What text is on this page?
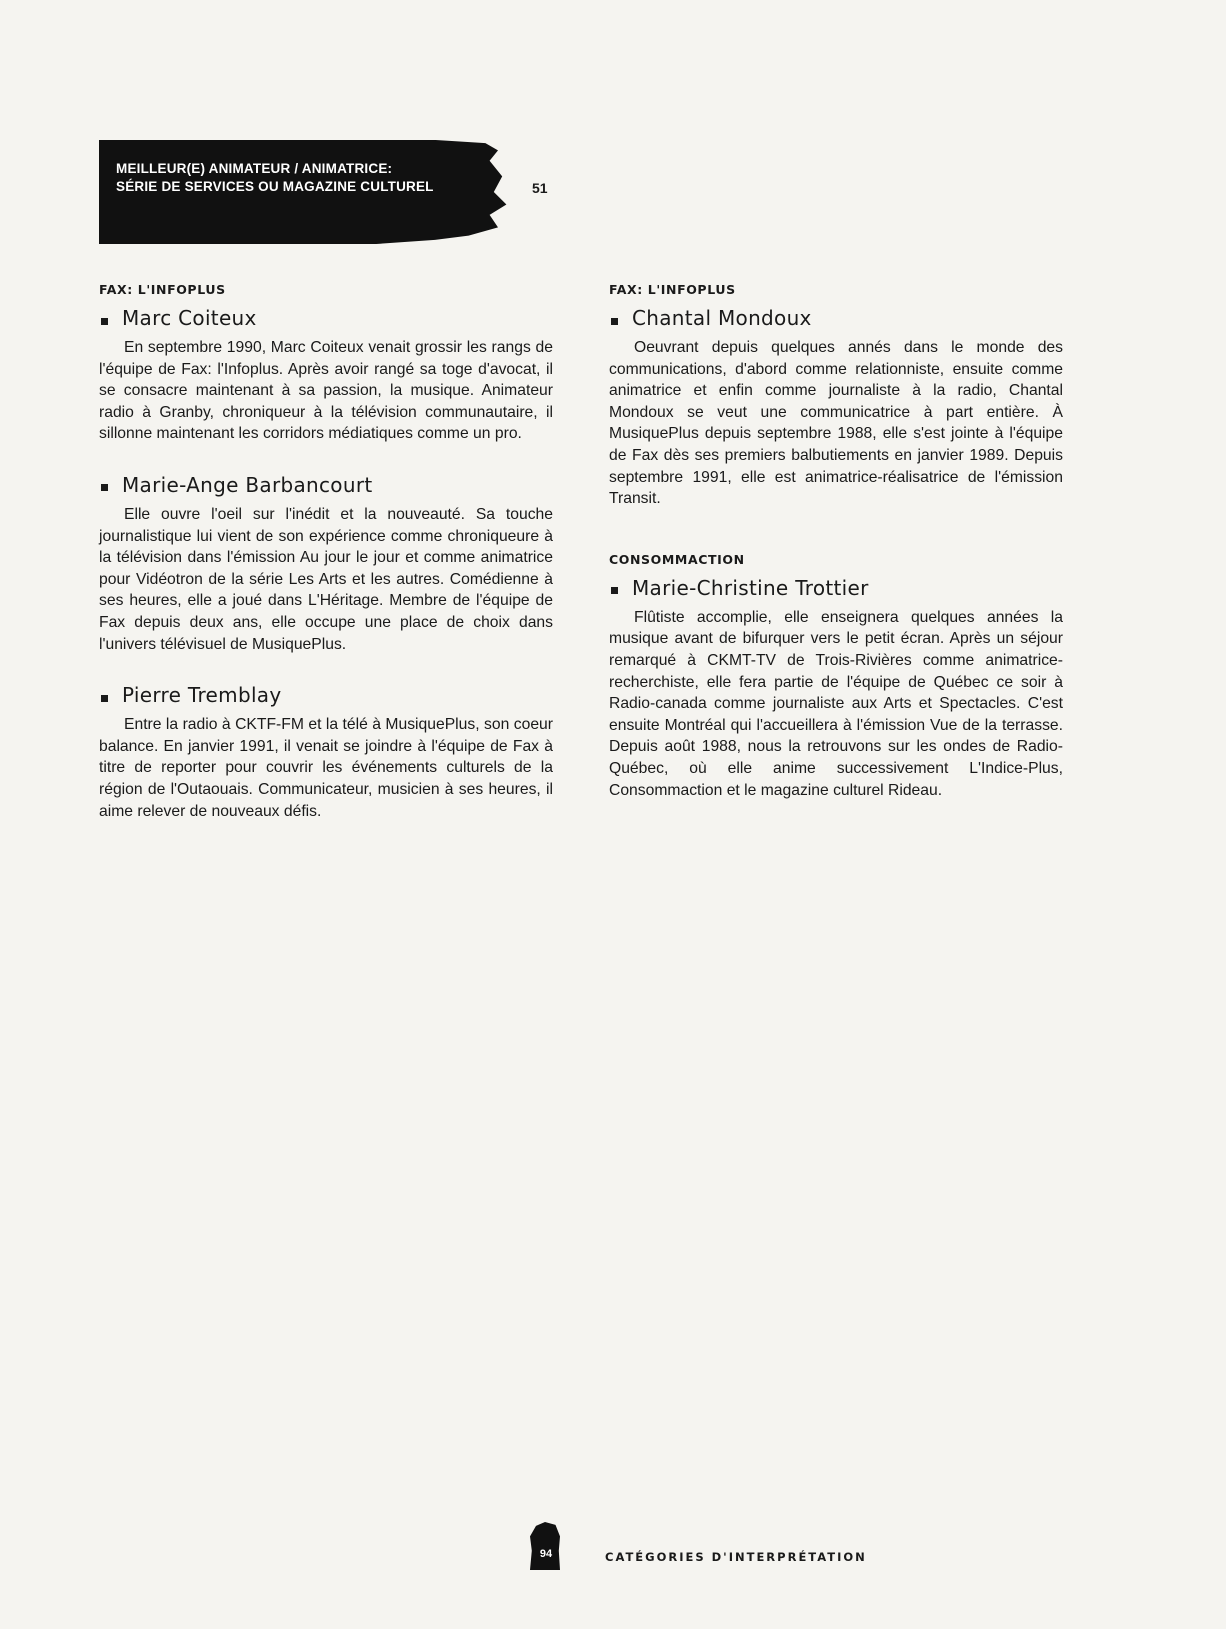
MEILLEUR(E) ANIMATEUR / ANIMATRICE:
SÉRIE DE SERVICES OU MAGAZINE CULTUREL	51
FAX: L'INFOPLUS
Marc Coiteux

En septembre 1990, Marc Coiteux venait grossir les rangs de l'équipe de Fax: l'Infoplus. Après avoir rangé sa toge d'avocat, il se consacre maintenant à sa passion, la musique. Animateur radio à Granby, chroniqueur à la télévision communautaire, il sillonne maintenant les corridors médiatiques comme un pro.

Marie-Ange Barbancourt

Elle ouvre l'oeil sur l'inédit et la nouveauté. Sa touche journalistique lui vient de son expérience comme chroniqueure à la télévision dans l'émission Au jour le jour et comme animatrice pour Vidéotron de la série Les Arts et les autres. Comédienne à ses heures, elle a joué dans L'Héritage. Membre de l'équipe de Fax depuis deux ans, elle occupe une place de choix dans l'univers télévisuel de MusiquePlus.

Pierre Tremblay

Entre la radio à CKTF-FM et la télé à MusiquePlus, son coeur balance. En janvier 1991, il venait se joindre à l'équipe de Fax à titre de reporter pour couvrir les événements culturels de la région de l'Outaouais. Communicateur, musicien à ses heures, il aime relever de nouveaux défis.

FAX: L'INFOPLUS
Chantal Mondoux

Oeuvrant depuis quelques annés dans le monde des communications, d'abord comme relationniste, ensuite comme animatrice et enfin comme journaliste à la radio, Chantal Mondoux se veut une communicatrice à part entière. À MusiquePlus depuis septembre 1988, elle s'est jointe à l'équipe de Fax dès ses premiers balbutiements en janvier 1989. Depuis septembre 1991, elle est animatrice-réalisatrice de l'émission Transit.

CONSOMMACTION
Marie-Christine Trottier

Flûtiste accomplie, elle enseignera quelques années la musique avant de bifurquer vers le petit écran. Après un séjour remarqué à CKMT-TV de Trois-Rivières comme animatrice-recherchiste, elle fera partie de l'équipe de Québec ce soir à Radio-canada comme journaliste aux Arts et Spectacles. C'est ensuite Montréal qui l'accueillera à l'émission Vue de la terrasse. Depuis août 1988, nous la retrouvons sur les ondes de Radio-Québec, où elle anime successivement L'Indice-Plus, Consommaction et le magazine culturel Rideau.

94	CATÉGORIES D'INTERPRÉTATION
